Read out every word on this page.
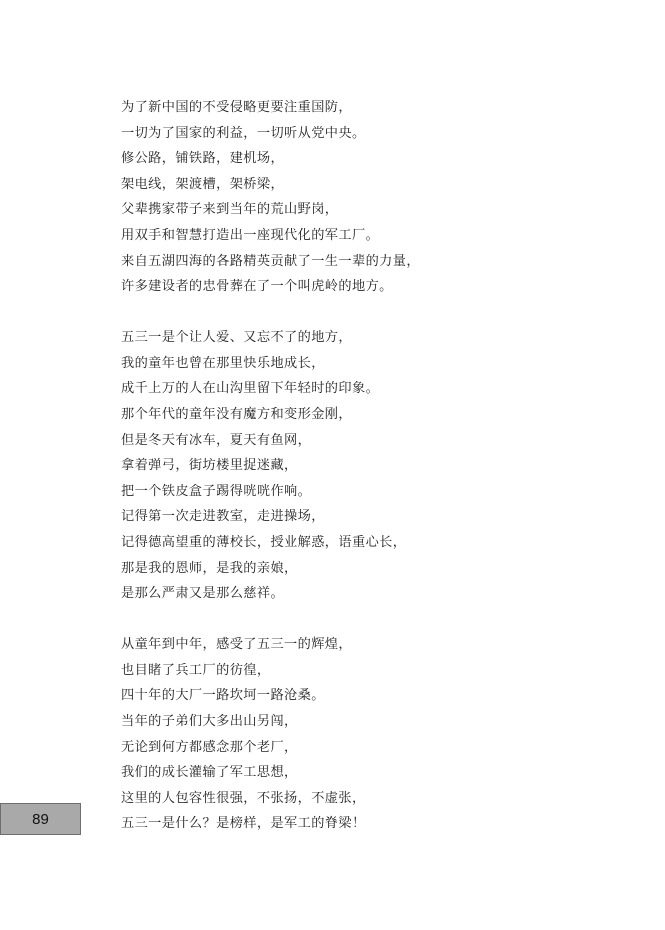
为了新中国的不受侵略更要注重国防，
一切为了国家的利益，一切听从党中央。
修公路，铺铁路，建机场，
架电线，架渡槽，架桥梁，
父辈携家带子来到当年的荒山野岗，
用双手和智慧打造出一座现代化的军工厂。
来自五湖四海的各路精英贡献了一生一辈的力量，
许多建设者的忠骨葬在了一个叫虎岭的地方。
五三一是个让人爱、又忘不了的地方，
我的童年也曾在那里快乐地成长，
成千上万的人在山沟里留下年轻时的印象。
那个年代的童年没有魔方和变形金刚，
但是冬天有冰车，夏天有鱼网，
拿着弹弓，街坊楼里捉迷藏，
把一个铁皮盒子踢得咣咣作响。
记得第一次走进教室，走进操场，
记得德高望重的薄校长，授业解惑，语重心长，
那是我的恩师，是我的亲娘，
是那么严肃又是那么慈祥。
从童年到中年，感受了五三一的辉煌，
也目睹了兵工厂的彷徨，
四十年的大厂一路坎坷一路沧桑。
当年的子弟们大多出山另闯，
无论到何方都感念那个老厂，
我们的成长灌输了军工思想，
这里的人包容性很强，不张扬，不虚张，
五三一是什么？是榜样，是军工的脊梁！
89
